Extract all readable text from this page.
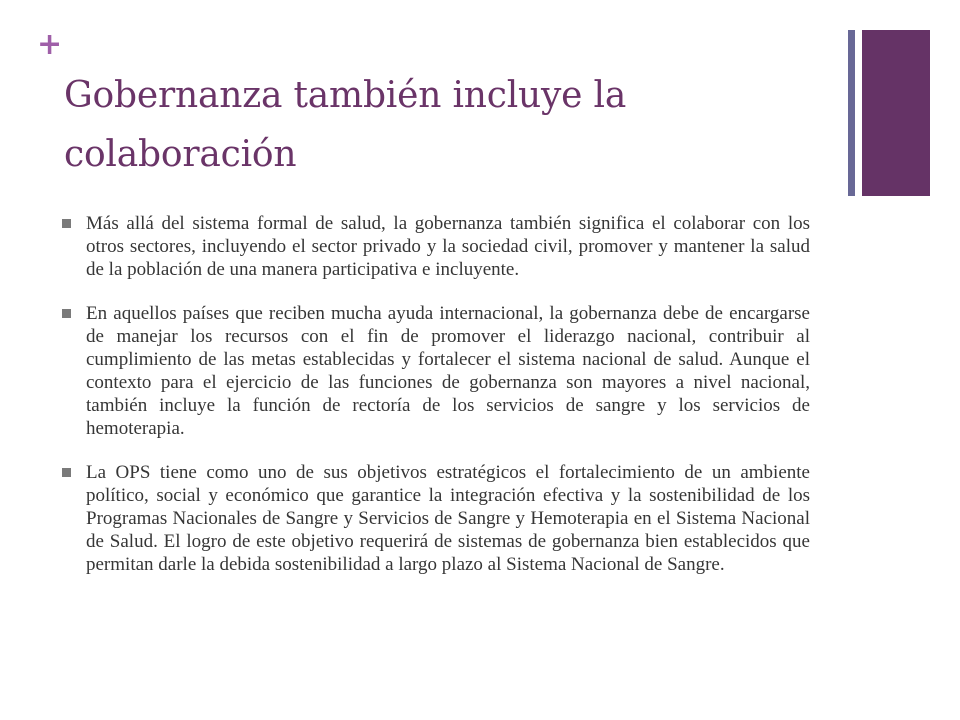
+
Gobernanza también incluye la colaboración
Más allá del sistema formal de salud, la gobernanza también significa el colaborar con los otros sectores, incluyendo el sector privado y la sociedad civil, promover y mantener la salud de la población de una manera participativa e incluyente.
En aquellos países que reciben mucha ayuda internacional, la gobernanza debe de encargarse de manejar los recursos con el fin de promover el liderazgo nacional, contribuir al cumplimiento de las metas establecidas y fortalecer el sistema nacional de salud. Aunque el contexto para el ejercicio de las funciones de gobernanza son mayores a nivel nacional, también incluye la función de rectoría de los servicios de sangre y los servicios de hemoterapia.
La OPS tiene como uno de sus objetivos estratégicos el fortalecimiento de un ambiente político, social y económico que garantice la integración efectiva y la sostenibilidad de los Programas Nacionales de Sangre y Servicios de Sangre y Hemoterapia en el Sistema Nacional de Salud. El logro de este objetivo requerirá de sistemas de gobernanza bien establecidos que permitan darle la debida sostenibilidad a largo plazo al Sistema Nacional de Sangre.
